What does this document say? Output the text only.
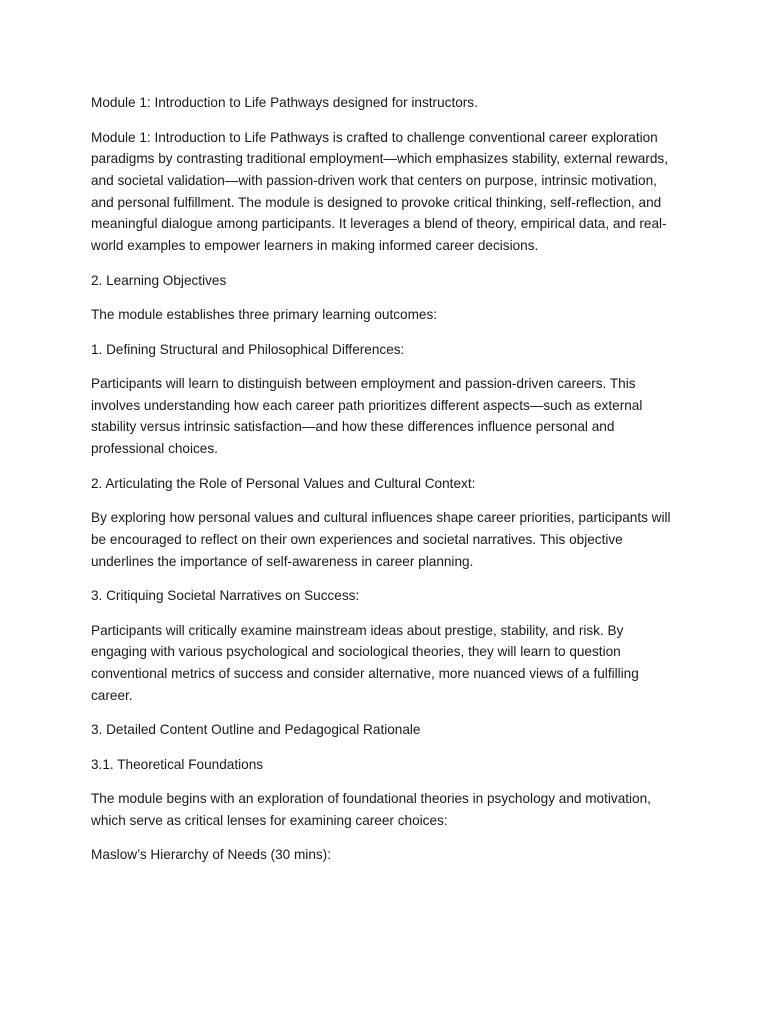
Module 1: Introduction to Life Pathways designed for instructors.

Module 1: Introduction to Life Pathways is crafted to challenge conventional career exploration paradigms by contrasting traditional employment—which emphasizes stability, external rewards, and societal validation—with passion-driven work that centers on purpose, intrinsic motivation, and personal fulfillment. The module is designed to provoke critical thinking, self-reflection, and meaningful dialogue among participants. It leverages a blend of theory, empirical data, and real-world examples to empower learners in making informed career decisions.

2. Learning Objectives

The module establishes three primary learning outcomes:

1. Defining Structural and Philosophical Differences:

Participants will learn to distinguish between employment and passion-driven careers. This involves understanding how each career path prioritizes different aspects—such as external stability versus intrinsic satisfaction—and how these differences influence personal and professional choices.

2. Articulating the Role of Personal Values and Cultural Context:

By exploring how personal values and cultural influences shape career priorities, participants will be encouraged to reflect on their own experiences and societal narratives. This objective underlines the importance of self-awareness in career planning.

3. Critiquing Societal Narratives on Success:

Participants will critically examine mainstream ideas about prestige, stability, and risk. By engaging with various psychological and sociological theories, they will learn to question conventional metrics of success and consider alternative, more nuanced views of a fulfilling career.

3. Detailed Content Outline and Pedagogical Rationale

3.1. Theoretical Foundations

The module begins with an exploration of foundational theories in psychology and motivation, which serve as critical lenses for examining career choices:

Maslow’s Hierarchy of Needs (30 mins):
